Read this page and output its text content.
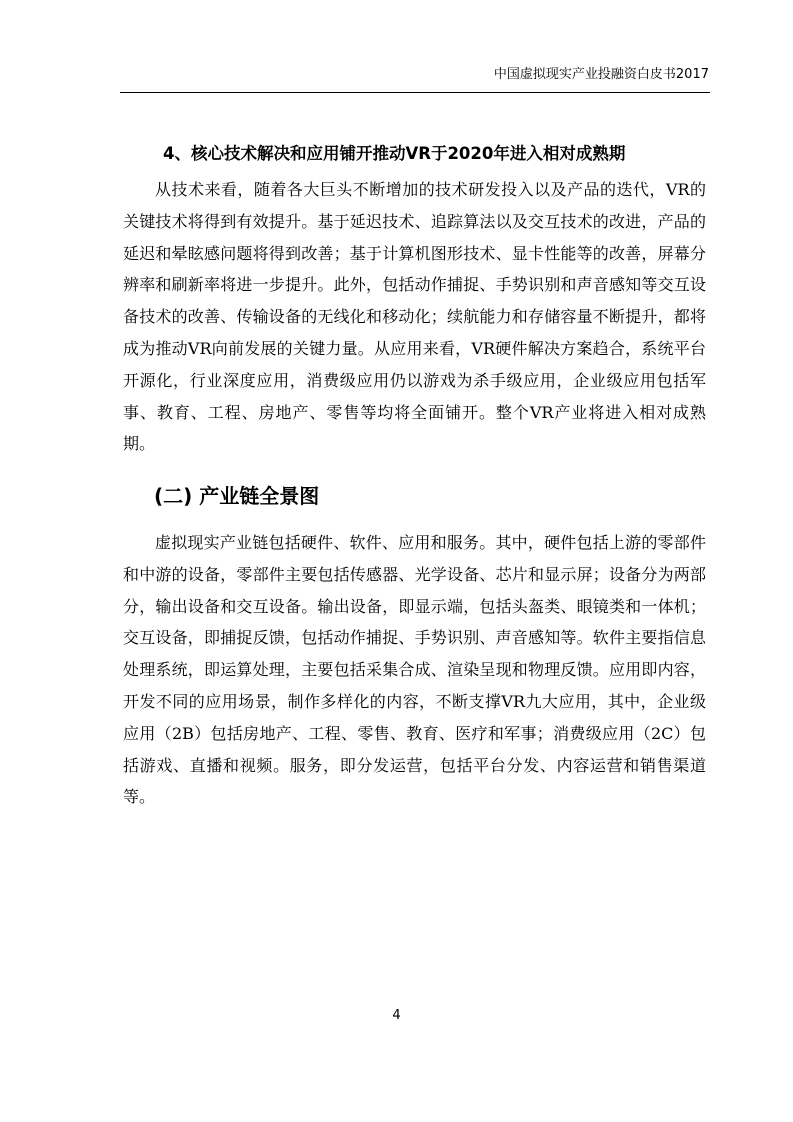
中国虚拟现实产业投融资白皮书2017
4、核心技术解决和应用铺开推动VR于2020年进入相对成熟期

从技术来看，随着各大巨头不断增加的技术研发投入以及产品的迭代，VR的关键技术将得到有效提升。基于延迟技术、追踪算法以及交互技术的改进，产品的延迟和晕眩感问题将得到改善；基于计算机图形技术、显卡性能等的改善，屏幕分辨率和刷新率将进一步提升。此外，包括动作捕捉、手势识别和声音感知等交互设备技术的改善、传输设备的无线化和移动化；续航能力和存储容量不断提升，都将成为推动VR向前发展的关键力量。从应用来看，VR硬件解决方案趋合，系统平台开源化，行业深度应用，消费级应用仍以游戏为杀手级应用，企业级应用包括军事、教育、工程、房地产、零售等均将全面铺开。整个VR产业将进入相对成熟期。

(二) 产业链全景图

虚拟现实产业链包括硬件、软件、应用和服务。其中，硬件包括上游的零部件和中游的设备，零部件主要包括传感器、光学设备、芯片和显示屏；设备分为两部分，输出设备和交互设备。输出设备，即显示端，包括头盔类、眼镜类和一体机；交互设备，即捕捉反馈，包括动作捕捉、手势识别、声音感知等。软件主要指信息处理系统，即运算处理，主要包括采集合成、渲染呈现和物理反馈。应用即内容，开发不同的应用场景，制作多样化的内容，不断支撑VR九大应用，其中，企业级应用（2B）包括房地产、工程、零售、教育、医疗和军事；消费级应用（2C）包括游戏、直播和视频。服务，即分发运营，包括平台分发、内容运营和销售渠道等。

4
